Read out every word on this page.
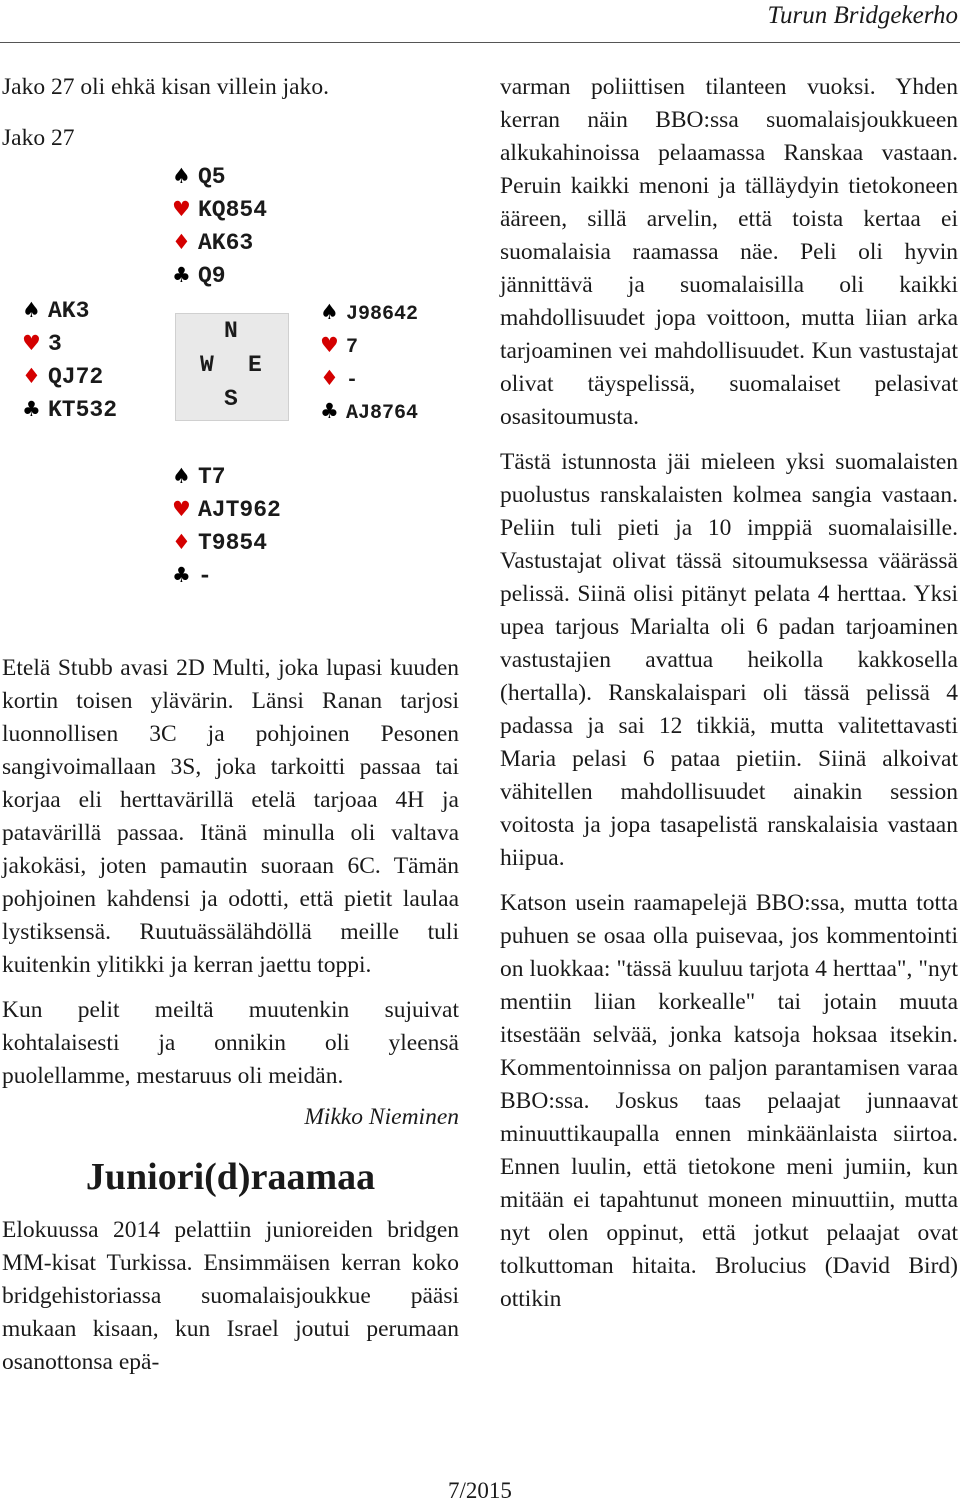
Turun Bridgekerho

Jako 27 oli ehkä kisan villein jako.

Jako 27

♠ Q5
♥ KQ854
♦ AK63
♣ Q9
♠ AK3
♥ 3
♦ QJ72
♣ KT532
N
W E
S
♠ J98642
♥ 7
♦ -
♣ AJ8764
♠ T7
♥ AJT962
♦ T9854
♣ -

Etelä Stubb avasi 2D Multi, joka lupasi kuuden kortin toisen ylävärin. Länsi Ranan tarjosi luonnollisen 3C ja pohjoinen Pesonen sangivoimallaan 3S, joka tarkoitti passaa tai korjaa eli herttavärillä etelä tarjoaa 4H ja patavärillä passaa. Itänä minulla oli valtava jakokäsi, joten pamautin suoraan 6C. Tämän pohjoinen kahdensi ja odotti, että pietit laulaa lystiksensä. Ruutuässälähdöllä meille tuli kuitenkin ylitikki ja kerran jaettu toppi.

Kun pelit meiltä muutenkin sujuivat kohtalaisesti ja onnikin oli yleensä puolellamme, mestaruus oli meidän.

Mikko Nieminen
Juniori(d)raamaa

Elokuussa 2014 pelattiin junioreiden bridgen MM-kisat Turkissa. Ensimmäisen kerran koko bridgehistoriassa suomalaisjoukkue pääsi mukaan kisaan, kun Israel joutui perumaan osanottonsa epä-

varman poliittisen tilanteen vuoksi. Yhden kerran näin BBO:ssa suomalaisjoukkueen alkukahinoissa pelaamassa Ranskaa vastaan. Peruin kaikki menoni ja tälläydyin tietokoneen ääreen, sillä arvelin, että toista kertaa ei suomalaisia raamassa näe. Peli oli hyvin jännittävä ja suomalaisilla oli kaikki mahdollisuudet jopa voittoon, mutta liian arka tarjoaminen vei mahdollisuudet. Kun vastustajat olivat täyspelissä, suomalaiset pelasivat osasitoumusta.

Tästä istunnosta jäi mieleen yksi suomalaisten puolustus ranskalaisten kolmea sangia vastaan. Peliin tuli pieti ja 10 imppiä suomalaisille. Vastustajat olivat tässä sitoumuksessa väärässä pelissä. Siinä olisi pitänyt pelata 4 herttaa. Yksi upea tarjous Marialta oli 6 padan tarjoaminen vastustajien avattua heikolla kakkosella (hertalla). Ranskalaispari oli tässä pelissä 4 padassa ja sai 12 tikkiä, mutta valitettavasti Maria pelasi 6 pataa pietiin. Siinä alkoivat vähitellen mahdollisuudet ainakin session voitosta ja jopa tasapelistä ranskalaisia vastaan hiipua.

Katson usein raamapelejä BBO:ssa, mutta totta puhuen se osaa olla puisevaa, jos kommentointi on luokkaa: "tässä kuuluu tarjota 4 herttaa", "nyt mentiin liian korkealle" tai jotain muuta itsestään selvää, jonka katsoja hoksaa itsekin. Kommentoinnissa on paljon parantamisen varaa BBO:ssa. Joskus taas pelaajat junnaavat minuuttikaupalla ennen minkäänlaista siirtoa. Ennen luulin, että tietokone meni jumiin, kun mitään ei tapahtunut moneen minuuttiin, mutta nyt olen oppinut, että jotkut pelaajat ovat tolkuttoman hitaita. Brolucius (David Bird) ottikin

7/2015
